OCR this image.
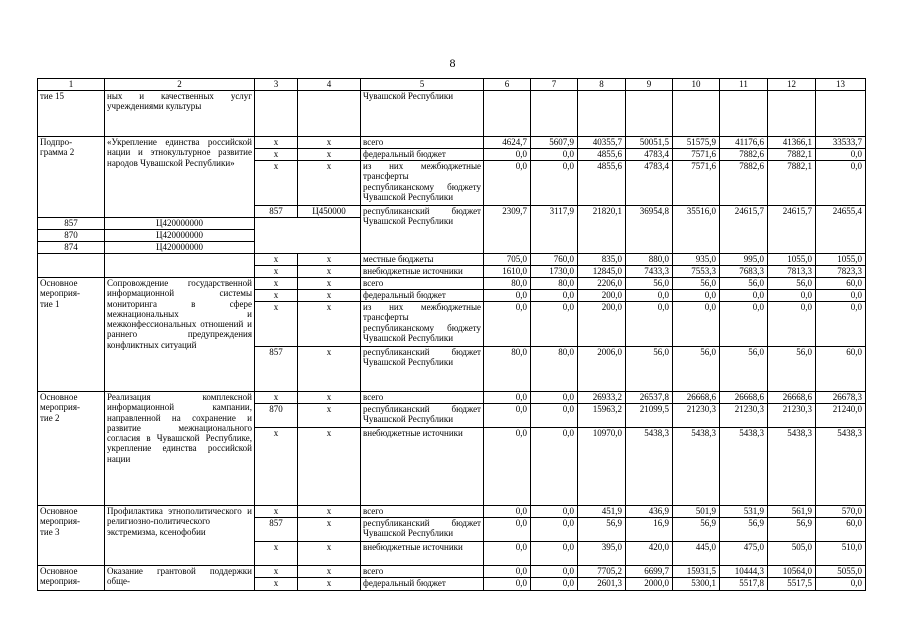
8
1	2	3	4	5	6	7	8	9	10	11	12	13
тие 15	ных и качественных услуг учреждениями культуры			Чувашской Республики								
Подпро-
грамма 2	«Укрепление единства российской нации и этнокультурное развитие народов Чувашской Республики»	х	х	всего	4624,7	5607,9	40355,7	50051,5	51575,9	41176,6	41366,1	33533,7
		х	х	федеральный бюджет	0,0	0,0	4855,6	4783,4	7571,6	7882,6	7882,1	0,0
		х	х	из них межбюджетные трансферты республиканскому бюджету Чувашской Республики	0,0	0,0	4855,6	4783,4	7571,6	7882,6	7882,1	0,0
		857	Ц450000	республиканский бюджет Чувашской Республики	2309,7	3117,9	21820,1	36954,8	35516,0	24615,7	24615,7	24655,4
857	Ц420000000											
870	Ц420000000											
874	Ц420000000											
		х	х	местные бюджеты	705,0	760,0	835,0	880,0	935,0	995,0	1055,0	1055,0
		х	х	внебюджетные источники	1610,0	1730,0	12845,0	7433,3	7553,3	7683,3	7813,3	7823,3
Основное
мероприя-
тие 1	Сопровождение государственной информационной системы мониторинга в сфере межнациональных и межконфессиональных отношений и раннего предупреждения конфликтных ситуаций	х	х	всего	80,0	80,0	2206,0	56,0	56,0	56,0	56,0	60,0
		х	х	федеральный бюджет	0,0	0,0	200,0	0,0	0,0	0,0	0,0	0,0
		х	х	из них межбюджетные трансферты республиканскому бюджету Чувашской Республики	0,0	0,0	200,0	0,0	0,0	0,0	0,0	0,0
		857	х	республиканский бюджет Чувашской Республики	80,0	80,0	2006,0	56,0	56,0	56,0	56,0	60,0
Основное
мероприя-
тие 2	Реализация комплексной информационной кампании, направленной на сохранение и развитие межнационального согласия в Чувашской Республике, укрепление единства российской нации	х	х	всего	0,0	0,0	26933,2	26537,8	26668,6	26668,6	26668,6	26678,3
		870	х	республиканский бюджет Чувашской Республики	0,0	0,0	15963,2	21099,5	21230,3	21230,3	21230,3	21240,0
		х	х	внебюджетные источники	0,0	0,0	10970,0	5438,3	5438,3	5438,3	5438,3	5438,3
Основное
мероприя-
тие 3	Профилактика этнополитического и религиозно-политического экстремизма, ксенофобии	х	х	всего	0,0	0,0	451,9	436,9	501,9	531,9	561,9	570,0
		857	х	республиканский бюджет Чувашской Республики	0,0	0,0	56,9	16,9	56,9	56,9	56,9	60,0
		х	х	внебюджетные источники	0,0	0,0	395,0	420,0	445,0	475,0	505,0	510,0
Основное
мероприя-	Оказание грантовой поддержки обще-	х	х	всего	0,0	0,0	7705,2	6699,7	15931,5	10444,3	10564,0	5055,0
		х	х	федеральный бюджет	0,0	0,0	2601,3	2000,0	5300,1	5517,8	5517,5	0,0
